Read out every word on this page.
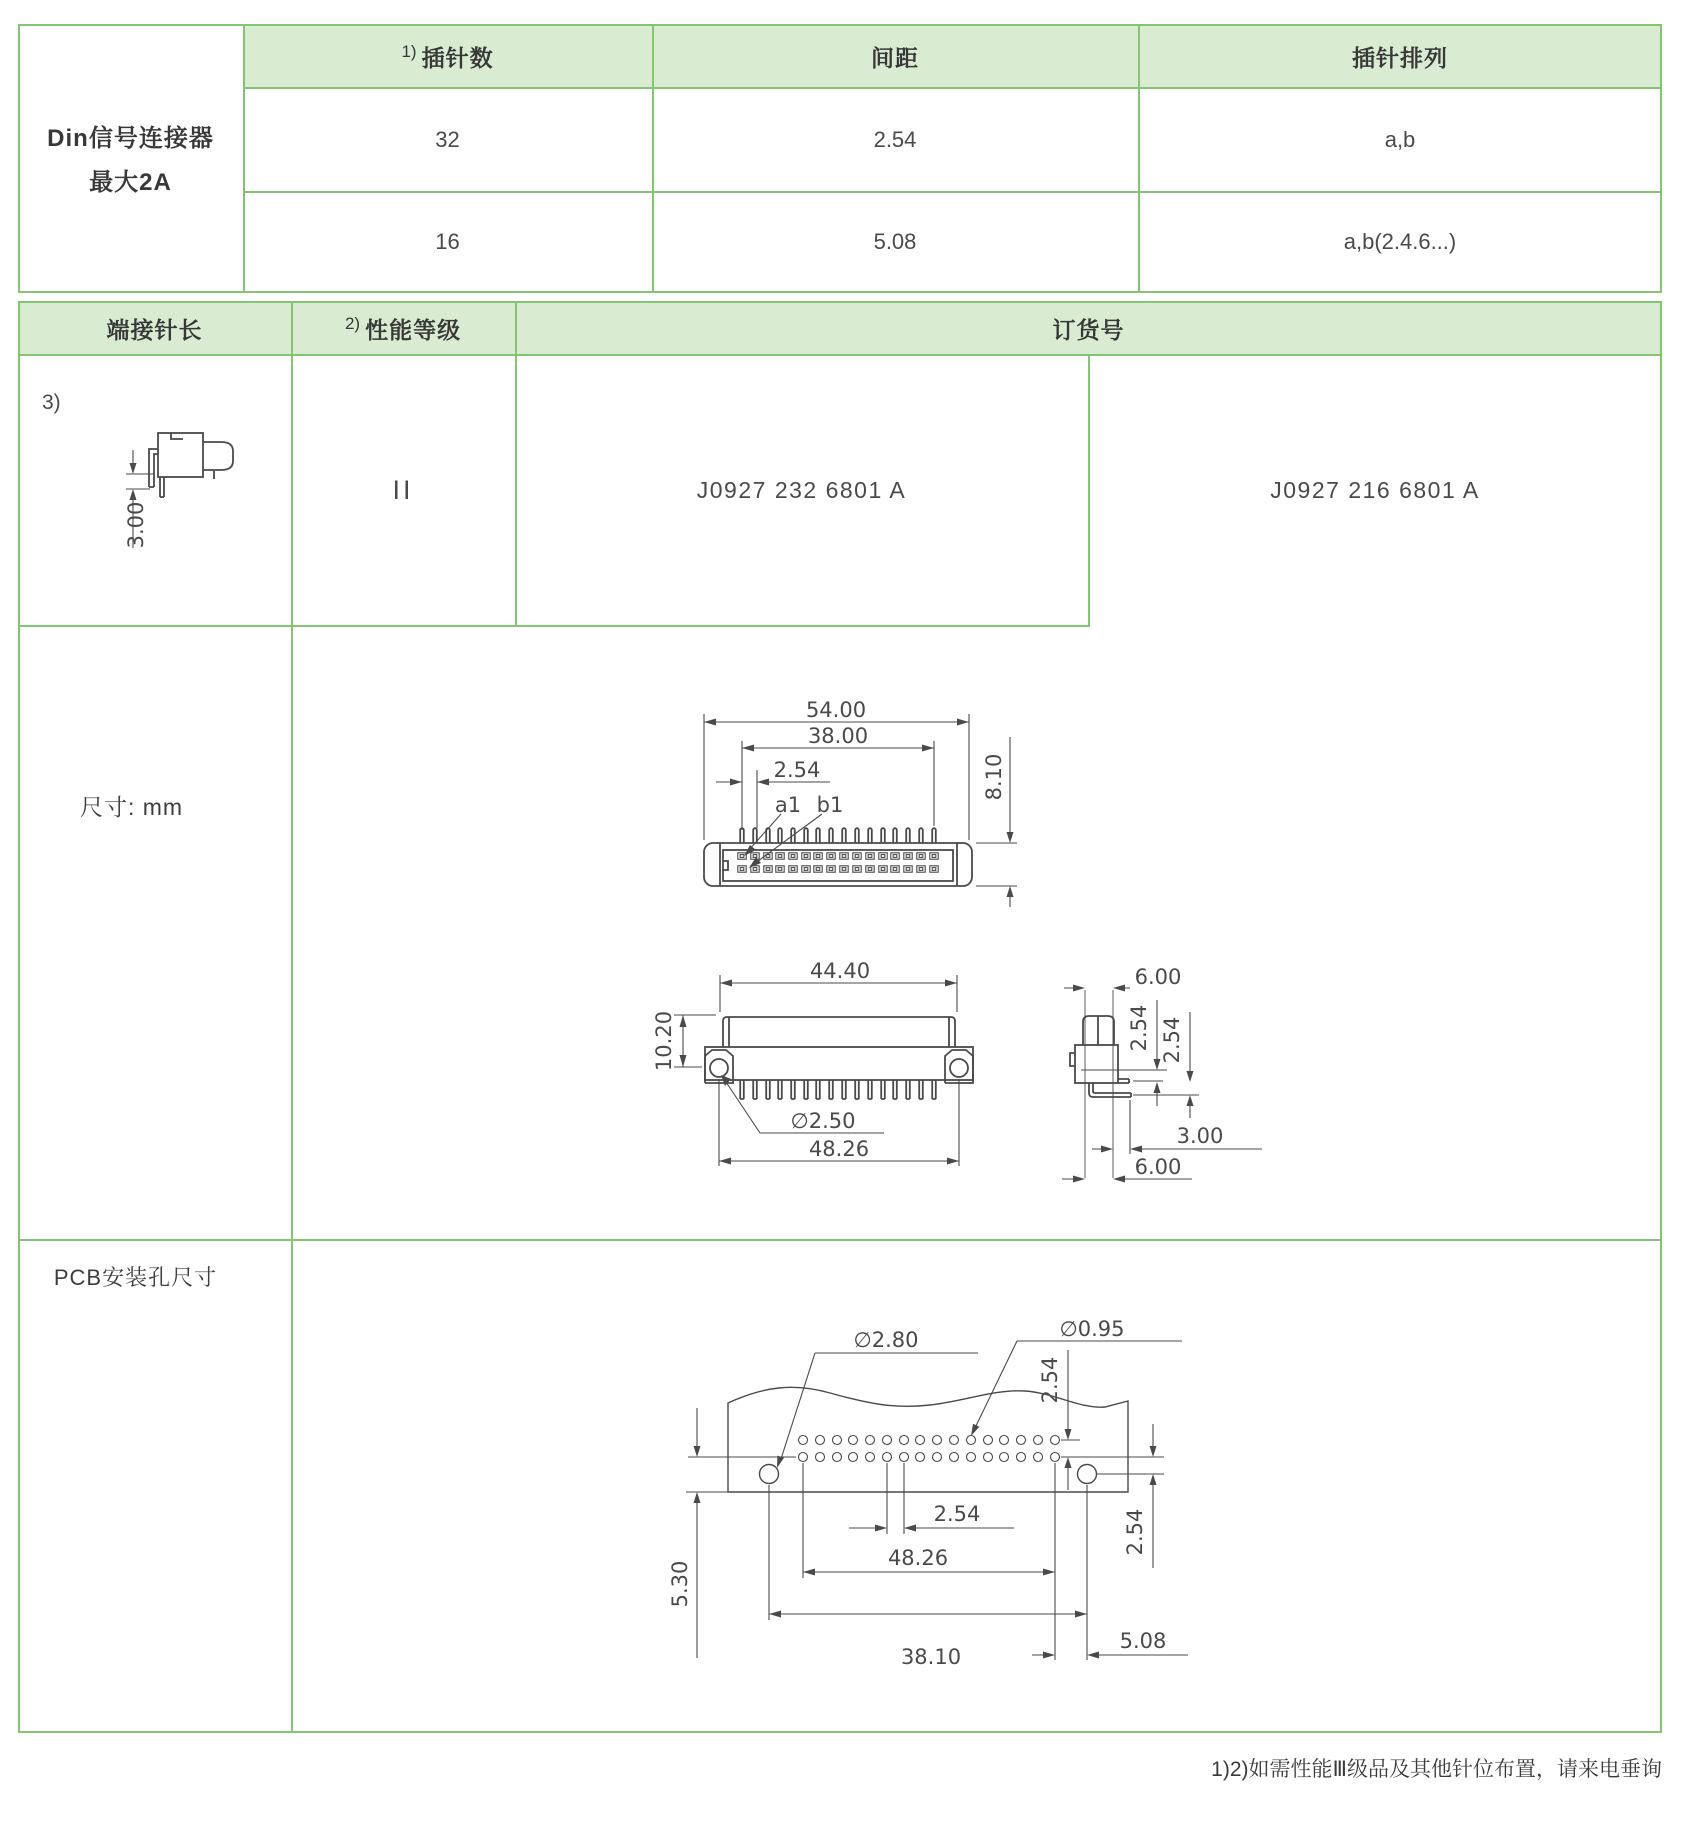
Din信号连接器
最大2A
1) 插针数	间距	插针排列
32	2.54	a,b
16	5.08	a,b(2.4.6...)
端接针长	2) 性能等级	订货号
3)
II	J0927 232 6801 A	J0927 216 6801 A
尺寸: mm
PCB安装孔尺寸
1)2)如需性能Ⅲ级品及其他针位布置，请来电垂询
3.00
54.00
38.00
2.54
a1 b1
8.10
44.40
10.20
∅2.50
48.26
6.00
2.54 2.54
3.00
6.00
∅2.80	∅0.95
2.54
2.54
2.54
48.26
38.10
5.08
5.30
